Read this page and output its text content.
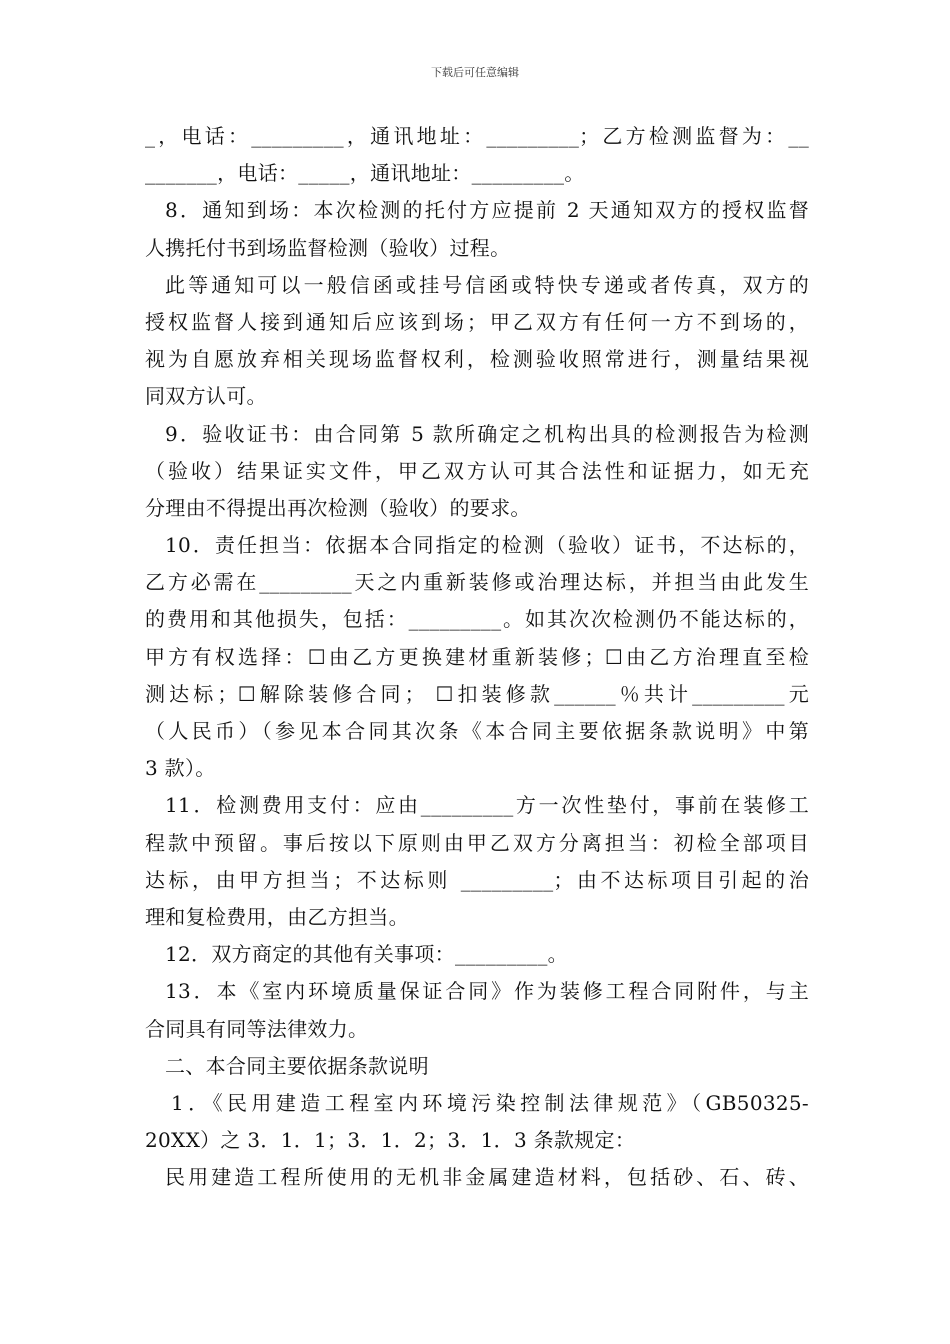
下载后可任意编辑
_，电话：_________，通讯地址：_________；乙方检测监督为：__
_______，电话：_____，通讯地址：_________。
8．通知到场：本次检测的托付方应提前 2 天通知双方的授权监督
人携托付书到场监督检测（验收）过程。
此等通知可以一般信函或挂号信函或特快专递或者传真，双方的
授权监督人接到通知后应该到场；甲乙双方有任何一方不到场的，
视为自愿放弃相关现场监督权利，检测验收照常进行，测量结果视
同双方认可。
9．验收证书：由合同第 5 款所确定之机构出具的检测报告为检测
（验收）结果证实文件，甲乙双方认可其合法性和证据力，如无充
分理由不得提出再次检测（验收）的要求。
10．责任担当：依据本合同指定的检测（验收）证书，不达标的，
乙方必需在_________天之内重新装修或治理达标，并担当由此发生
的费用和其他损失，包括：_________。如其次次检测仍不能达标的，
甲方有权选择：☐由乙方更换建材重新装修；☐由乙方治理直至检
测达标；☐解除装修合同； ☐扣装修款______％共计_________元
（人民币）（参见本合同其次条《本合同主要依据条款说明》中第
3 款）。
11．检测费用支付：应由_________方一次性垫付，事前在装修工
程款中预留。事后按以下原则由甲乙双方分离担当：初检全部项目
达标，由甲方担当；不达标则 _________；由不达标项目引起的治
理和复检费用，由乙方担当。
12．双方商定的其他有关事项：_________。
13．本《室内环境质量保证合同》作为装修工程合同附件，与主
合同具有同等法律效力。
二、本合同主要依据条款说明
1．《民用建造工程室内环境污染控制法律规范》（GB50325-
20XX）之 3．1．1；3．1．2；3．1．3 条款规定：
民用建造工程所使用的无机非金属建造材料，包括砂、石、砖、
